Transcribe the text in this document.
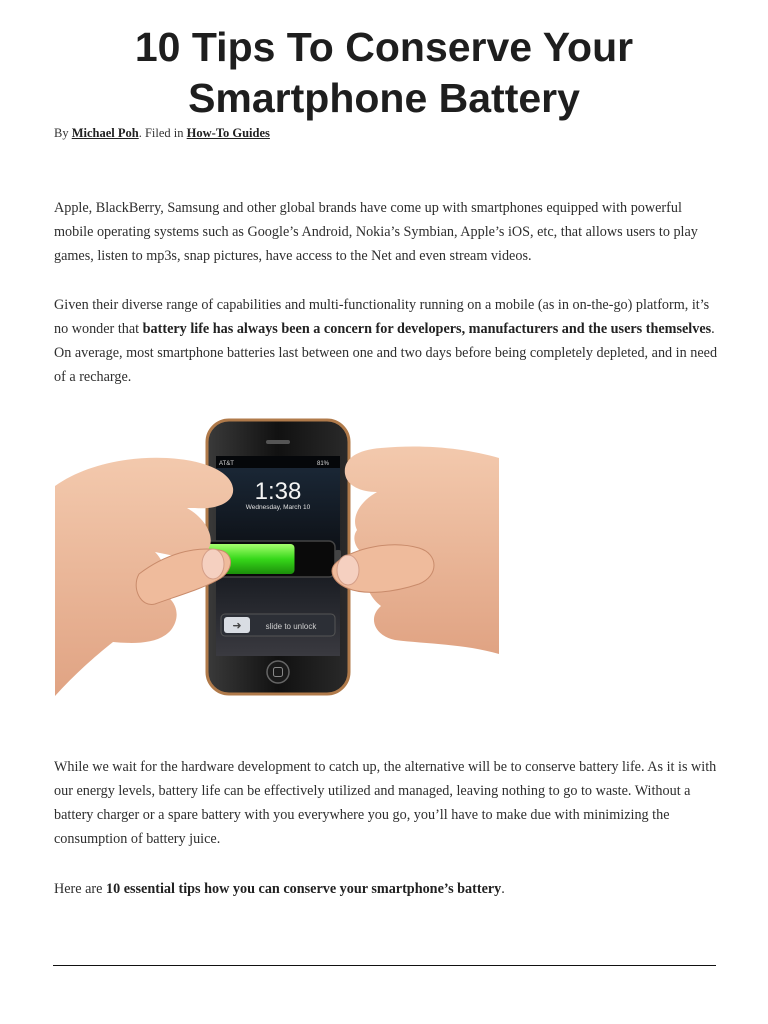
10 Tips To Conserve Your
Smartphone Battery
By Michael Poh. Filed in How-To Guides

Apple, BlackBerry, Samsung and other global brands have come up with smartphones equipped with powerful mobile operating systems such as Google’s Android, Nokia’s Symbian, Apple’s iOS, etc, that allows users to play games, listen to mp3s, snap pictures, have access to the Net and even stream videos.

Given their diverse range of capabilities and multi-functionality running on a mobile (as in on-the-go) platform, it’s no wonder that battery life has always been a concern for developers, manufacturers and the users themselves. On average, most smartphone batteries last between one and two days before being completely depleted, and in need of a recharge.

AT&T	81%
1:38
Wednesday, March 10
➜	slide to unlock

While we wait for the hardware development to catch up, the alternative will be to conserve battery life. As it is with our energy levels, battery life can be effectively utilized and managed, leaving nothing to go to waste. Without a battery charger or a spare battery with you everywhere you go, you’ll have to make due with minimizing the consumption of battery juice.

Here are 10 essential tips how you can conserve your smartphone’s battery.
